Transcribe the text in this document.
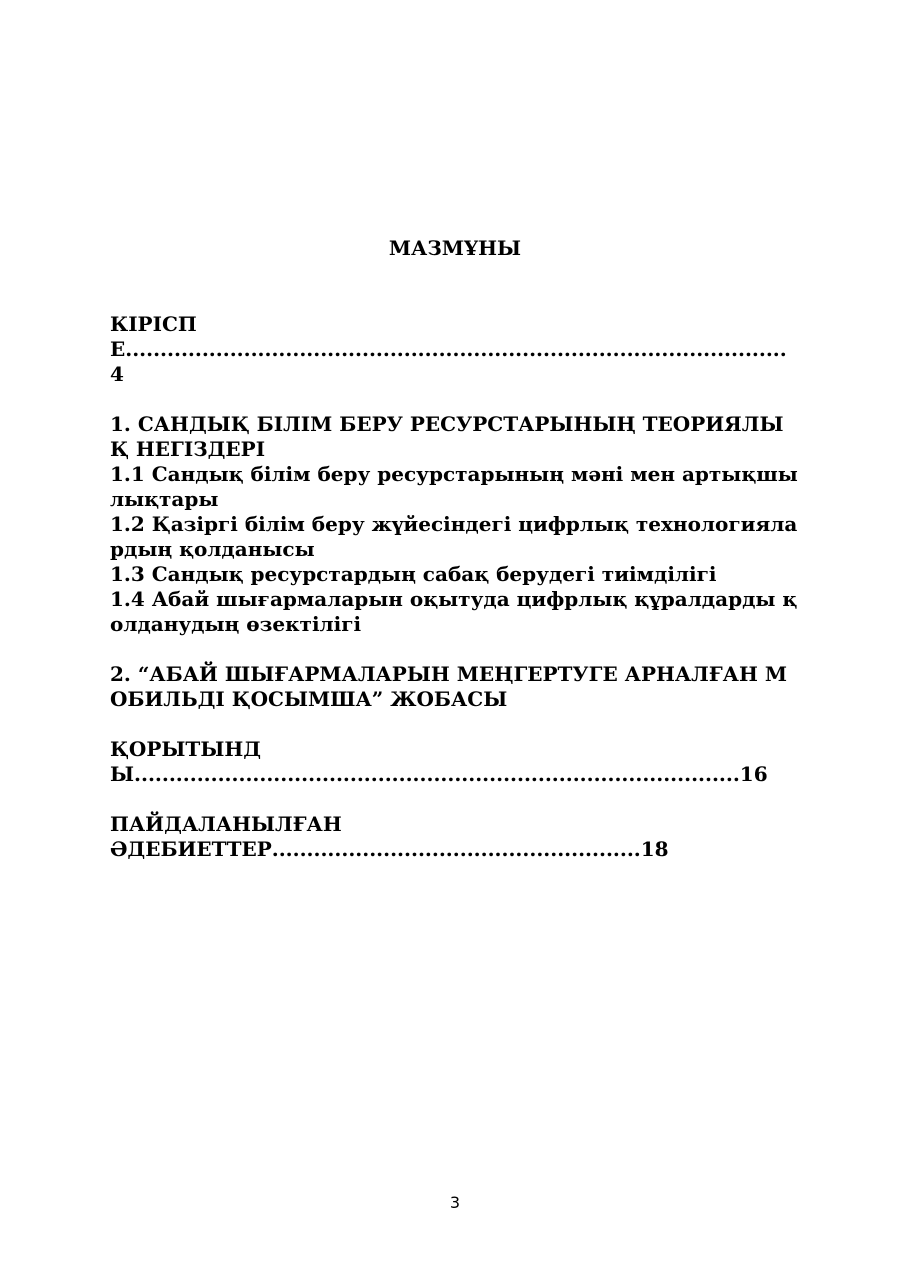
МАЗМҰНЫ

КІРІСПЕ...............................................................................................4

1. САНДЫҚ БІЛІМ БЕРУ РЕСУРСТАРЫНЫҢ ТЕОРИЯЛЫҚ НЕГІЗДЕРІ

1.1 Сандық білім беру ресурстарының мәні мен артықшылықтары

1.2 Қазіргі білім беру жүйесіндегі цифрлық технологиялардың қолданысы

1.3 Сандық ресурстардың сабақ берудегі тиімділігі

1.4 Абай шығармаларын оқытуда цифрлық құралдарды қолданудың өзектілігі

2. “АБАЙ ШЫҒАРМАЛАРЫН МЕҢГЕРТУГЕ АРНАЛҒАН МОБИЛЬДІ ҚОСЫМША” ЖОБАСЫ

ҚОРЫТЫНДЫ.......................................................................................16

ПАЙДАЛАНЫЛҒАН

ӘДЕБИЕТТЕР.....................................................18

3
